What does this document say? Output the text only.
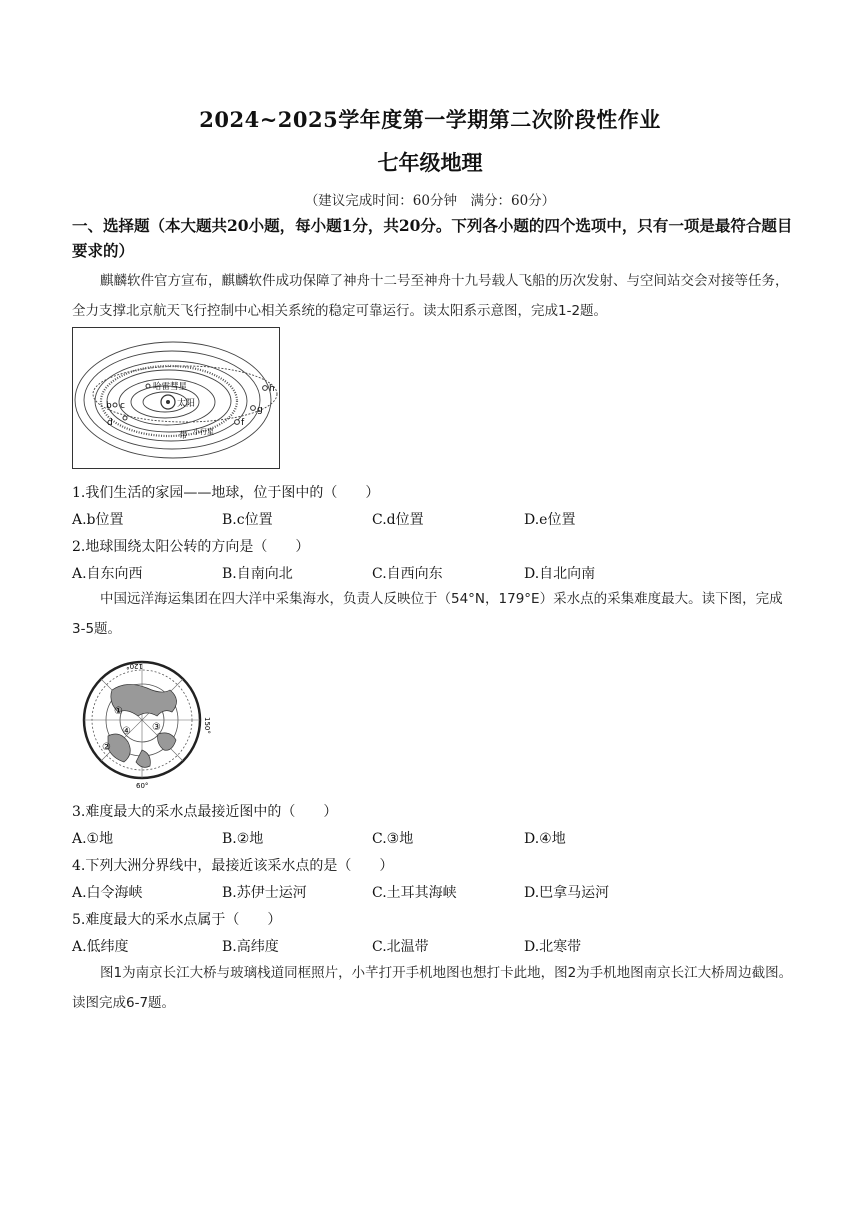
2024~2025学年度第一学期第二次阶段性作业
七年级地理
（建议完成时间：60分钟　满分：60分）
一、选择题（本大题共20小题，每小题1分，共20分。下列各小题的四个选项中，只有一项是最符合题目要求的）
麒麟软件官方宣布，麒麟软件成功保障了神舟十二号至神舟十九号载人飞船的历次发射、与空间站交会对接等任务，全力支撑北京航天飞行控制中心相关系统的稳定可靠运行。读太阳系示意图，完成1-2题。
太阳
哈雷彗星
b c
d	f
g
h
带 小行星
1.我们生活的家园——地球，位于图中的（　　）
A.b位置	B.c位置	C.d位置	D.e位置
2.地球围绕太阳公转的方向是（　　）
A.自东向西	B.自南向北	C.自西向东	D.自北向南
中国远洋海运集团在四大洋中采集海水，负责人反映位于（54°N，179°E）采水点的采集难度最大。读下图，完成3-5题。
120°
150°
60°
①
②
③
④
3.难度最大的采水点最接近图中的（　　）
A.①地	B.②地	C.③地	D.④地
4.下列大洲分界线中，最接近该采水点的是（　　）
A.白令海峡	B.苏伊士运河	C.土耳其海峡	D.巴拿马运河
5.难度最大的采水点属于（　　）
A.低纬度	B.高纬度	C.北温带	D.北寒带
图1为南京长江大桥与玻璃栈道同框照片，小芊打开手机地图也想打卡此地，图2为手机地图南京长江大桥周边截图。读图完成6-7题。
